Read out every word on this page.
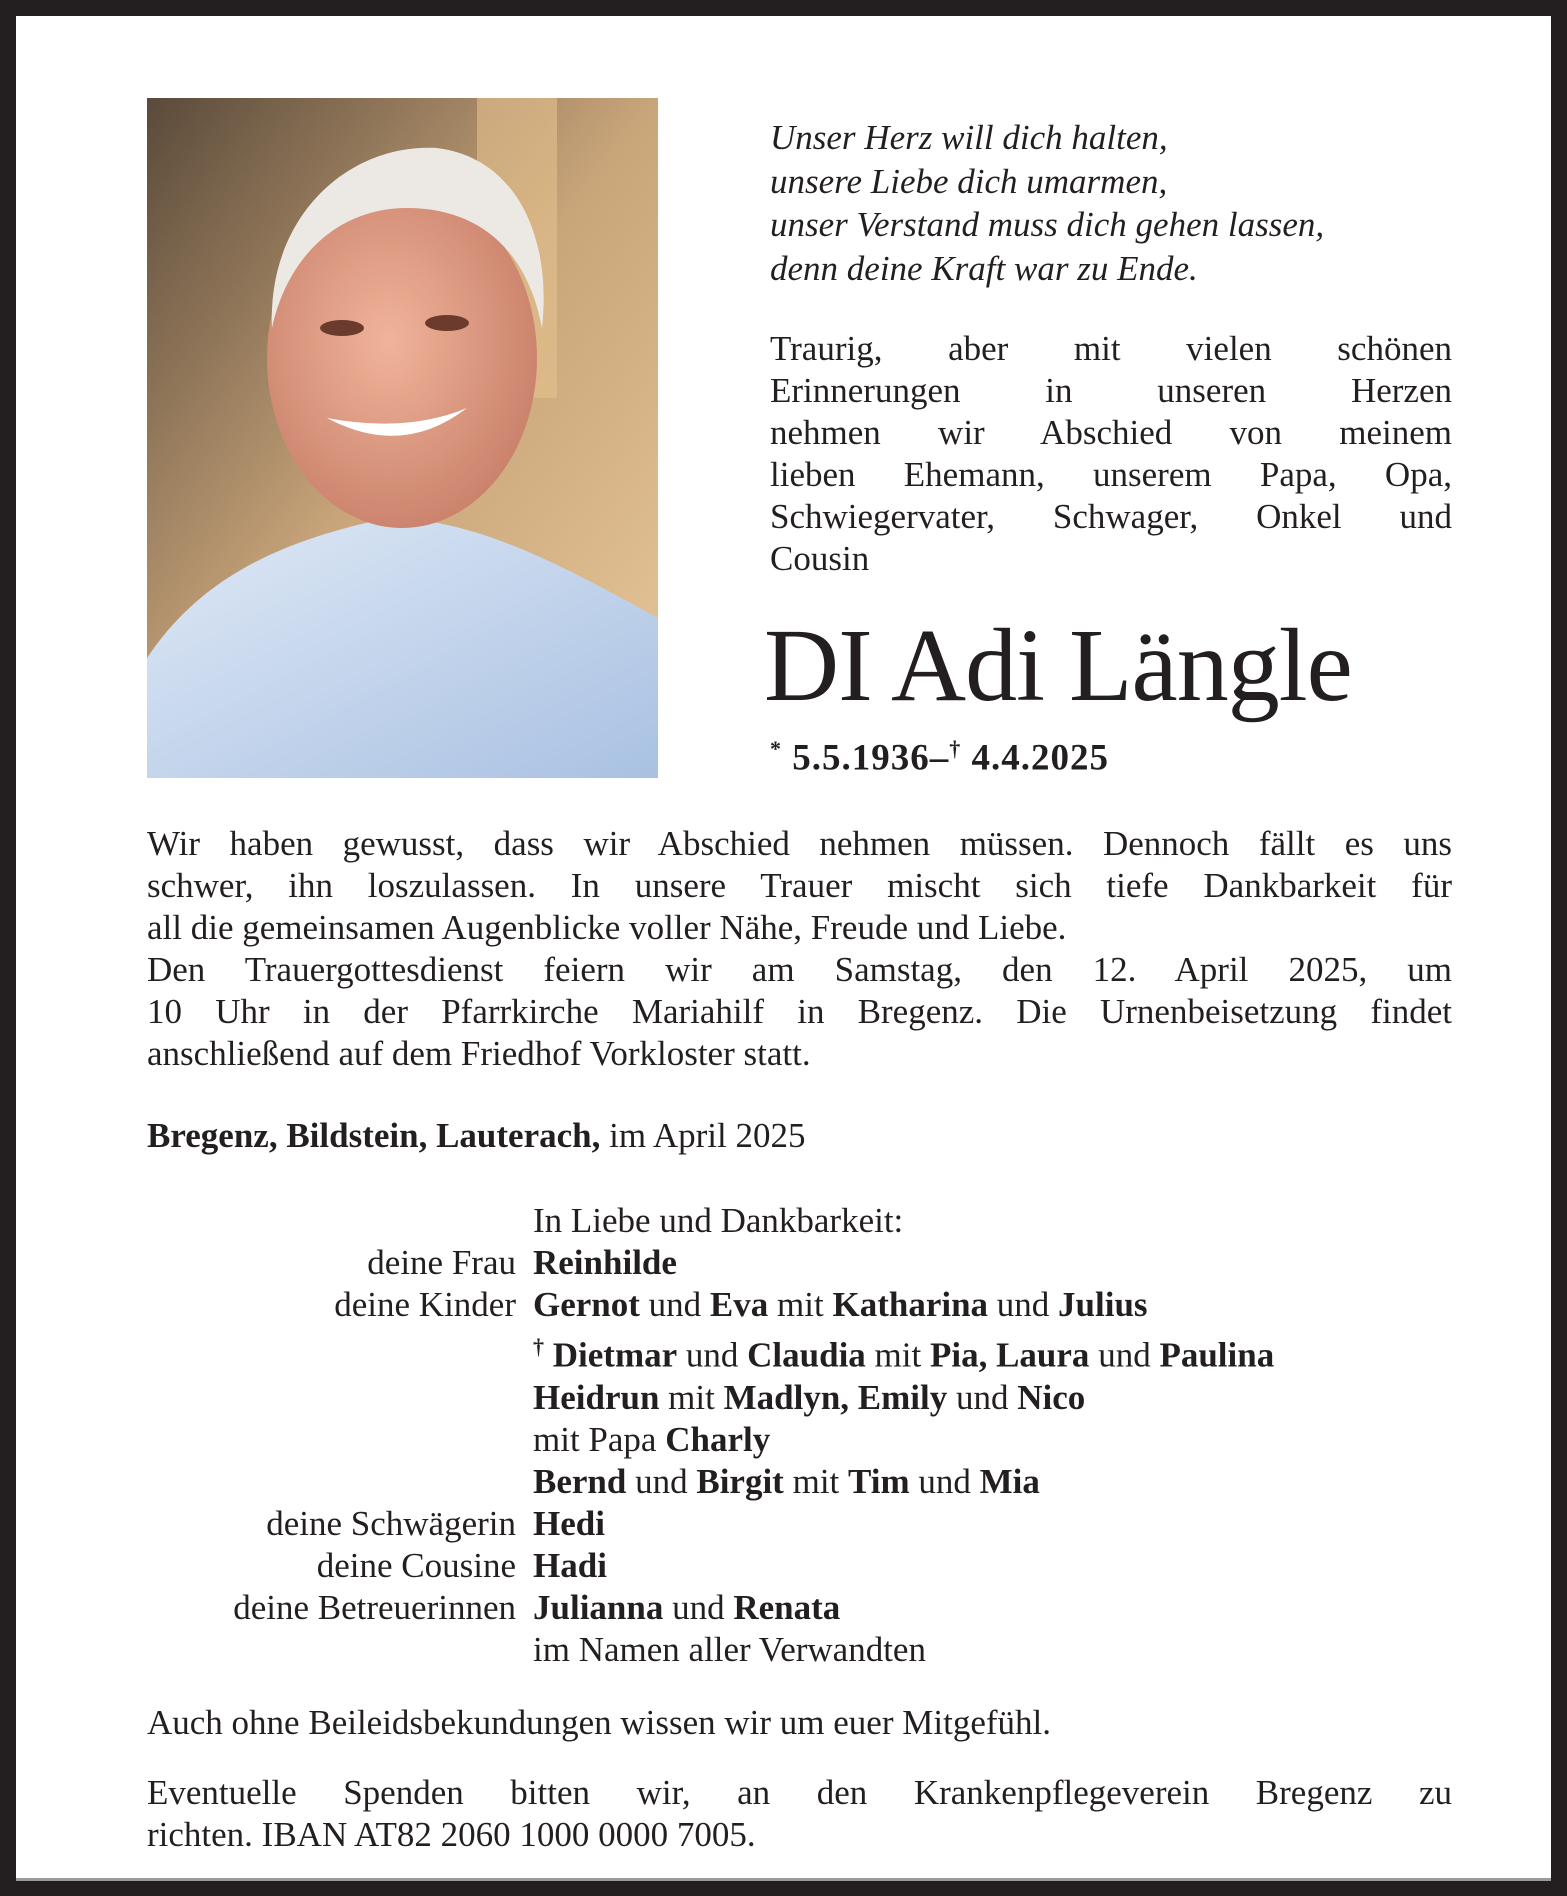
Unser Herz will dich halten,
unsere Liebe dich umarmen,
unser Verstand muss dich gehen lassen,
denn deine Kraft war zu Ende.
Traurig, aber mit vielen schönen
Erinnerungen in unseren Herzen
nehmen wir Abschied von meinem
lieben Ehemann, unserem Papa, Opa,
Schwiegervater, Schwager, Onkel und
Cousin
DI Adi Längle
* 5.5.1936–† 4.4.2025
Wir haben gewusst, dass wir Abschied nehmen müssen. Dennoch fällt es uns
schwer, ihn loszulassen. In unsere Trauer mischt sich tiefe Dankbarkeit für
all die gemeinsamen Augenblicke voller Nähe, Freude und Liebe.
Den Trauergottesdienst feiern wir am Samstag, den 12. April 2025, um
10 Uhr in der Pfarrkirche Mariahilf in Bregenz. Die Urnenbeisetzung findet
anschließend auf dem Friedhof Vorkloster statt.
Bregenz, Bildstein, Lauterach, im April 2025
In Liebe und Dankbarkeit:
deine Frau Reinhilde
deine Kinder Gernot und Eva mit Katharina und Julius
† Dietmar und Claudia mit Pia, Laura und Paulina
Heidrun mit Madlyn, Emily und Nico
mit Papa Charly
Bernd und Birgit mit Tim und Mia
deine Schwägerin Hedi
deine Cousine Hadi
deine Betreuerinnen Julianna und Renata
im Namen aller Verwandten
Auch ohne Beileidsbekundungen wissen wir um euer Mitgefühl.
Eventuelle Spenden bitten wir, an den Krankenpflegeverein Bregenz zu
richten. IBAN AT82 2060 1000 0000 7005.
